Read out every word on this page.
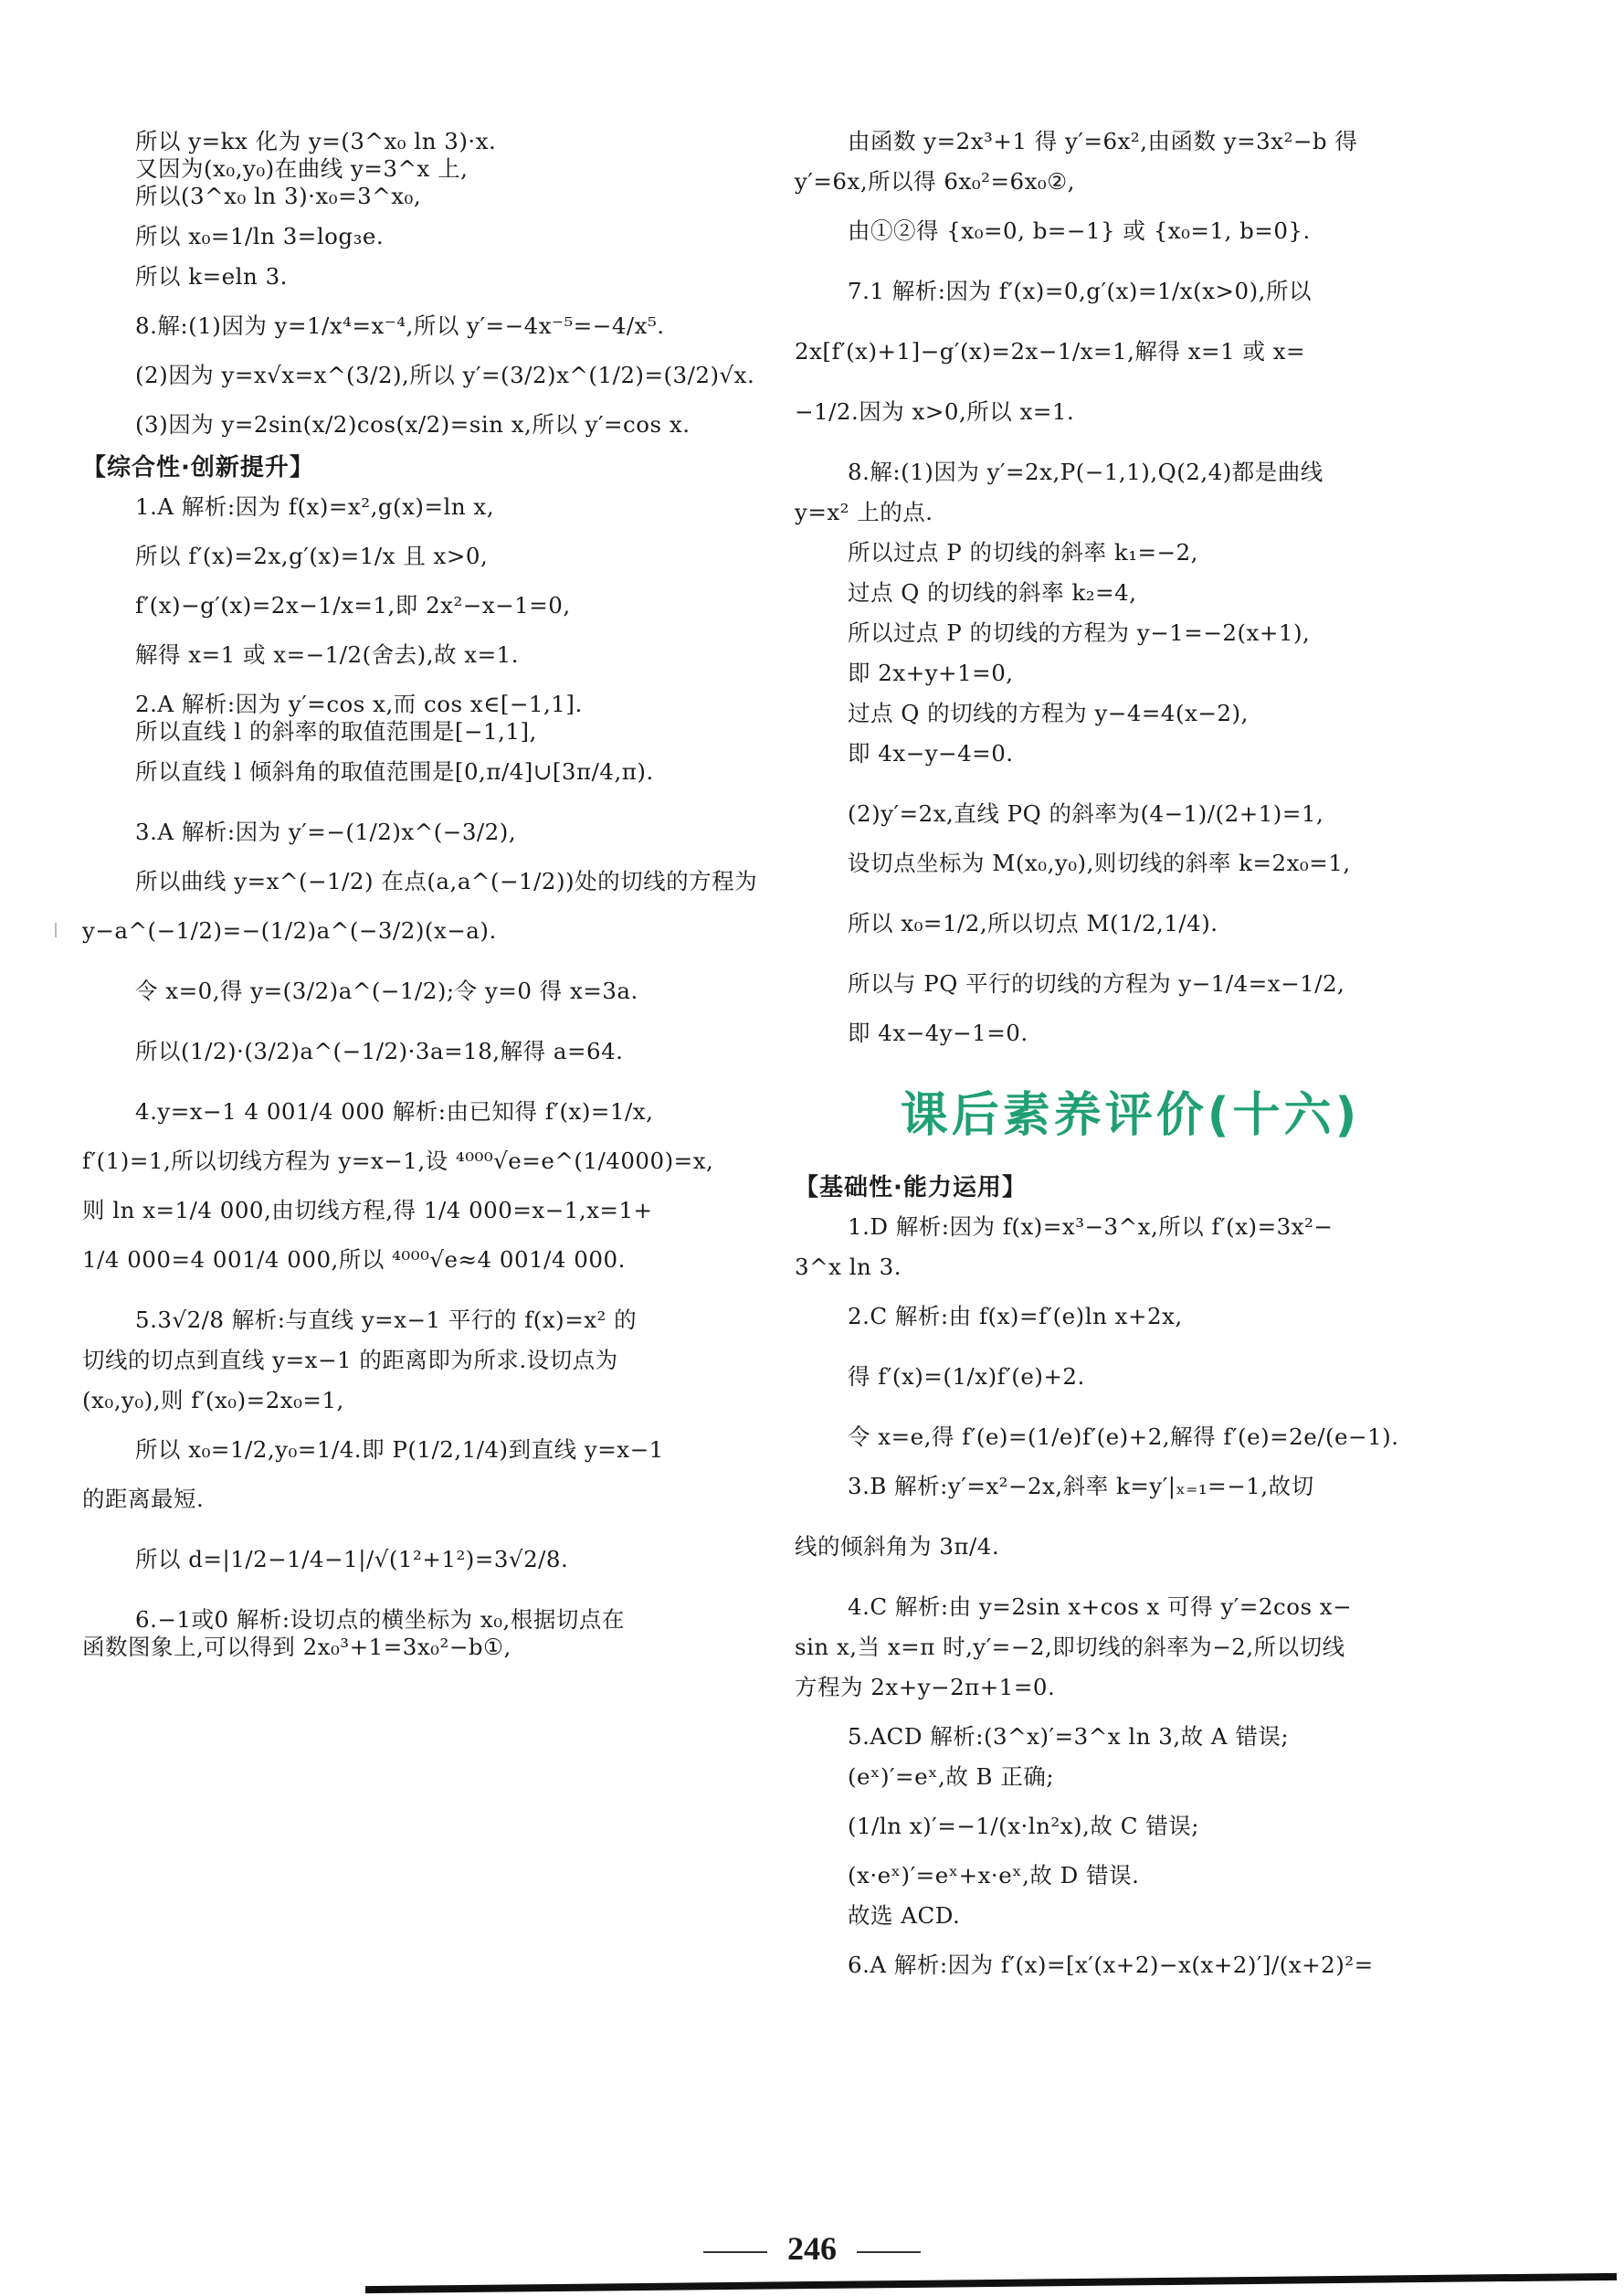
所以 y=kx 化为 y=(3^x₀ ln 3)·x.
又因为(x₀,y₀)在曲线 y=3^x 上,
所以(3^x₀ ln 3)·x₀=3^x₀,
所以 x₀=1/ln 3=log₃e.
所以 k=eln 3.
8.解:(1)因为 y=1/x⁴=x⁻⁴,所以 y′=−4x⁻⁵=−4/x⁵.
(2)因为 y=x√x=x^(3/2),所以 y′=(3/2)x^(1/2)=(3/2)√x.
(3)因为 y=2sin(x/2)cos(x/2)=sin x,所以 y′=cos x.
【综合性·创新提升】
1.A 解析:因为 f(x)=x²,g(x)=ln x,
所以 f′(x)=2x,g′(x)=1/x 且 x>0,
f′(x)−g′(x)=2x−1/x=1,即 2x²−x−1=0,
解得 x=1 或 x=−1/2(舍去),故 x=1.
2.A 解析:因为 y′=cos x,而 cos x∈[−1,1].
所以直线 l 的斜率的取值范围是[−1,1],
所以直线 l 倾斜角的取值范围是[0,π/4]∪[3π/4,π).
3.A 解析:因为 y′=−(1/2)x^(−3/2),
所以曲线 y=x^(−1/2) 在点(a,a^(−1/2))处的切线的方程为
y−a^(−1/2)=−(1/2)a^(−3/2)(x−a).
令 x=0,得 y=(3/2)a^(−1/2);令 y=0 得 x=3a.
所以(1/2)·(3/2)a^(−1/2)·3a=18,解得 a=64.
4.y=x−1 4 001/4 000 解析:由已知得 f′(x)=1/x,
f′(1)=1,所以切线方程为 y=x−1,设 ⁴⁰⁰⁰√e=e^(1/4000)=x,
则 ln x=1/4 000,由切线方程,得 1/4 000=x−1,x=1+
1/4 000=4 001/4 000,所以 ⁴⁰⁰⁰√e≈4 001/4 000.
5.3√2/8 解析:与直线 y=x−1 平行的 f(x)=x² 的
切线的切点到直线 y=x−1 的距离即为所求.设切点为
(x₀,y₀),则 f′(x₀)=2x₀=1,
所以 x₀=1/2,y₀=1/4.即 P(1/2,1/4)到直线 y=x−1
的距离最短.
所以 d=|1/2−1/4−1|/√(1²+1²)=3√2/8.
6.−1或0 解析:设切点的横坐标为 x₀,根据切点在
函数图象上,可以得到 2x₀³+1=3x₀²−b①,
由函数 y=2x³+1 得 y′=6x²,由函数 y=3x²−b 得
y′=6x,所以得 6x₀²=6x₀②,
由①②得 {x₀=0, b=−1} 或 {x₀=1, b=0}.
7.1 解析:因为 f′(x)=0,g′(x)=1/x(x>0),所以
2x[f′(x)+1]−g′(x)=2x−1/x=1,解得 x=1 或 x=
−1/2.因为 x>0,所以 x=1.
8.解:(1)因为 y′=2x,P(−1,1),Q(2,4)都是曲线
y=x² 上的点.
所以过点 P 的切线的斜率 k₁=−2,
过点 Q 的切线的斜率 k₂=4,
所以过点 P 的切线的方程为 y−1=−2(x+1),
即 2x+y+1=0,
过点 Q 的切线的方程为 y−4=4(x−2),
即 4x−y−4=0.
(2)y′=2x,直线 PQ 的斜率为(4−1)/(2+1)=1,
设切点坐标为 M(x₀,y₀),则切线的斜率 k=2x₀=1,
所以 x₀=1/2,所以切点 M(1/2,1/4).
所以与 PQ 平行的切线的方程为 y−1/4=x−1/2,
即 4x−4y−1=0.
课后素养评价(十六)
【基础性·能力运用】
1.D 解析:因为 f(x)=x³−3^x,所以 f′(x)=3x²−
3^x ln 3.
2.C 解析:由 f(x)=f′(e)ln x+2x,
得 f′(x)=(1/x)f′(e)+2.
令 x=e,得 f′(e)=(1/e)f′(e)+2,解得 f′(e)=2e/(e−1).
3.B 解析:y′=x²−2x,斜率 k=y′|ₓ₌₁=−1,故切
线的倾斜角为 3π/4.
4.C 解析:由 y=2sin x+cos x 可得 y′=2cos x−
sin x,当 x=π 时,y′=−2,即切线的斜率为−2,所以切线
方程为 2x+y−2π+1=0.
5.ACD 解析:(3^x)′=3^x ln 3,故 A 错误;
(eˣ)′=eˣ,故 B 正确;
(1/ln x)′=−1/(x·ln²x),故 C 错误;
(x·eˣ)′=eˣ+x·eˣ,故 D 错误.
故选 ACD.
6.A 解析:因为 f′(x)=[x′(x+2)−x(x+2)′]/(x+2)²=
246
